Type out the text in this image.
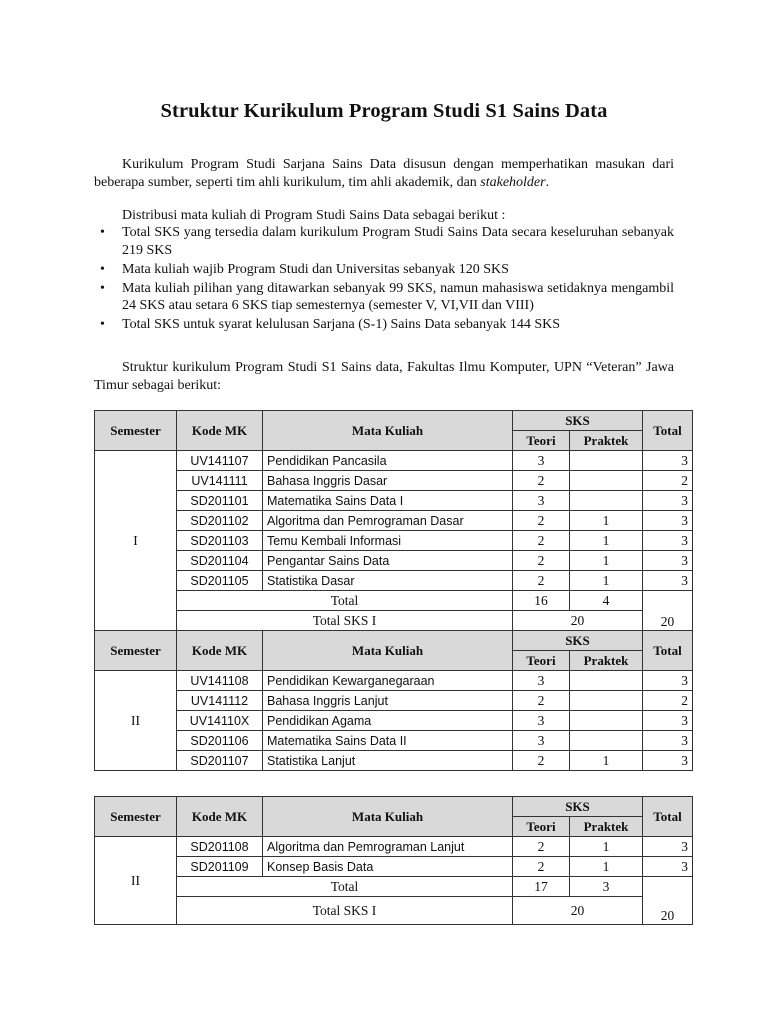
Struktur Kurikulum Program Studi S1 Sains Data

Kurikulum Program Studi Sarjana Sains Data disusun dengan memperhatikan masukan dari beberapa sumber, seperti tim ahli kurikulum, tim ahli akademik, dan stakeholder.

Distribusi mata kuliah di Program Studi Sains Data sebagai berikut :

• Total SKS yang tersedia dalam kurikulum Program Studi Sains Data secara keseluruhan sebanyak 219 SKS
• Mata kuliah wajib Program Studi dan Universitas sebanyak 120 SKS
• Mata kuliah pilihan yang ditawarkan sebanyak 99 SKS, namun mahasiswa setidaknya mengambil 24 SKS atau setara 6 SKS tiap semesternya (semester V, VI,VII dan VIII)
• Total SKS untuk syarat kelulusan Sarjana (S-1) Sains Data sebanyak 144 SKS

Struktur kurikulum Program Studi S1 Sains data, Fakultas Ilmu Komputer, UPN “Veteran” Jawa Timur sebagai berikut:

Semester	Kode MK	Mata Kuliah	SKS		Total
			Teori	Praktek	
I	UV141107	Pendidikan Pancasila	3		3
	UV141111	Bahasa Inggris Dasar	2		2
	SD201101	Matematika Sains Data I	3		3
	SD201102	Algoritma dan Pemrograman Dasar	2	1	3
	SD201103	Temu Kembali Informasi	2	1	3
	SD201104	Pengantar Sains Data	2	1	3
	SD201105	Statistika Dasar	2	1	3
	Total		16	4	20
	Total SKS I		20		
Semester	Kode MK	Mata Kuliah	SKS		Total
			Teori	Praktek	
II	UV141108	Pendidikan Kewarganegaraan	3		3
	UV141112	Bahasa Inggris Lanjut	2		2
	UV14110X	Pendidikan Agama	3		3
	SD201106	Matematika Sains Data II	3		3
	SD201107	Statistika Lanjut	2	1	3
Semester	Kode MK	Mata Kuliah	SKS		Total
			Teori	Praktek	
II	SD201108	Algoritma dan Pemrograman Lanjut	2	1	3
	SD201109	Konsep Basis Data	2	1	3
	Total		17	3	20
	Total SKS I		20		
